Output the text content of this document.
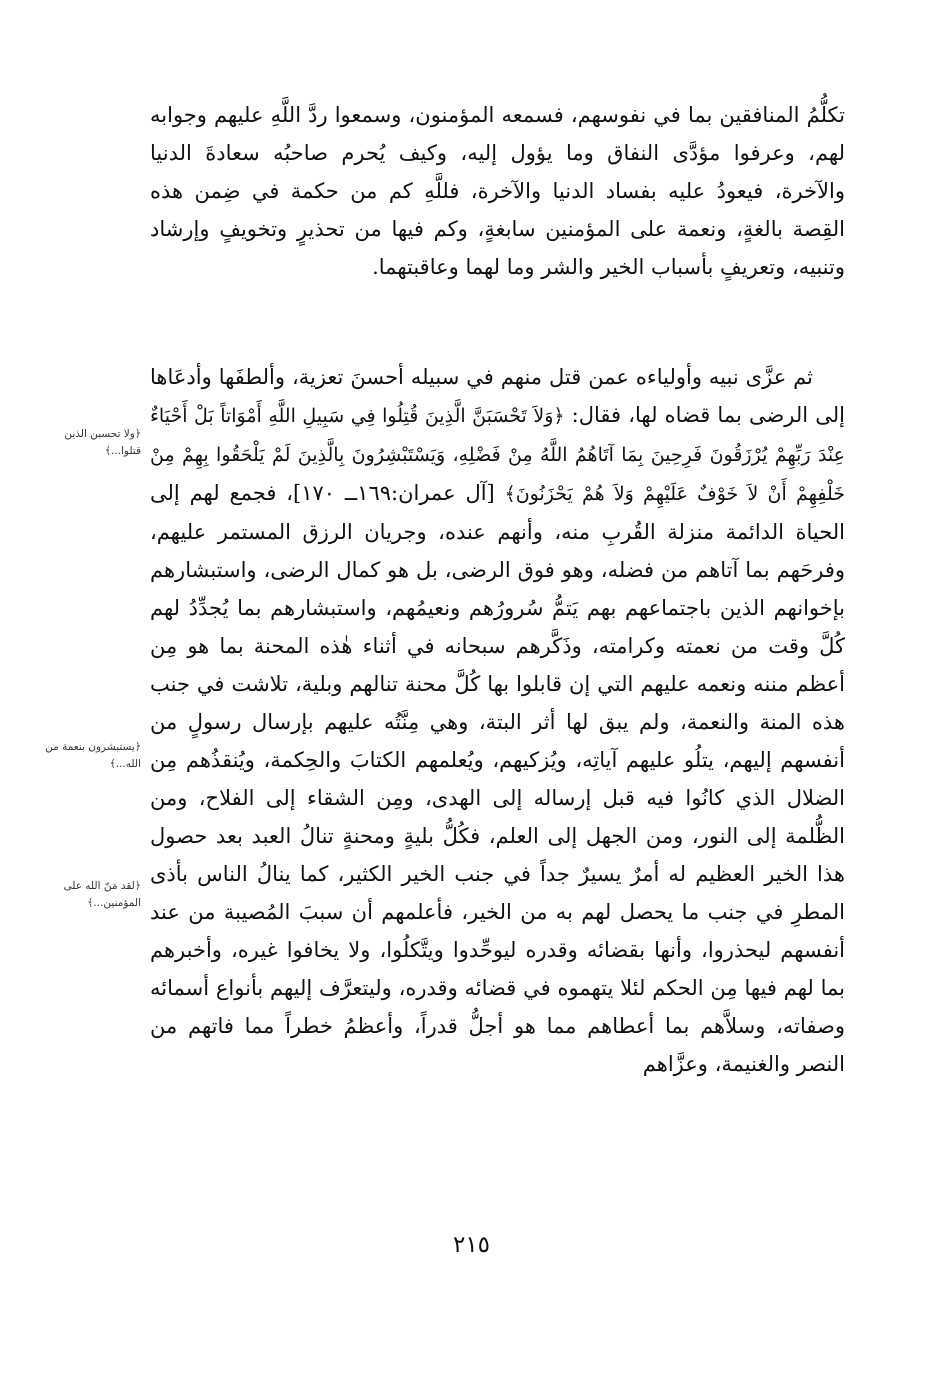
تكلُّمُ المنافقين بما في نفوسهم، فسمعه المؤمنون، وسمعوا ردَّ اللَّهِ عليهم وجوابه لهم، وعرفوا مؤدَّى النفاق وما يؤول إليه، وكيف يُحرم صاحبُه سعادةَ الدنيا والآخرة، فيعودُ عليه بفساد الدنيا والآخرة، فللَّهِ كم من حكمة في ضِمن هذه القِصة بالغةٍ، ونعمة على المؤمنين سابغةٍ، وكم فيها من تحذيرٍ وتخويفٍ وإرشاد وتنبيه، وتعريفٍ بأسباب الخير والشر وما لهما وعاقبتهما.

ثم عزَّى نبيه وأولياءه عمن قتل منهم في سبيله أحسنَ تعزية، وألطفَها وأدعَاها إلى الرضى بما قضاه لها، فقال: ﴿وَلاَ تَحْسَبَنَّ الَّذِينَ قُتِلُوا فِي سَبِيلِ اللَّهِ أَمْوَاتاً بَلْ أَحْيَاءٌ عِنْدَ رَبِّهِمْ يُرْزَقُونَ فَرِحِينَ بِمَا آتَاهُمُ اللَّهُ مِنْ فَضْلِهِ، وَيَسْتَبْشِرُونَ بِالَّذِينَ لَمْ يَلْحَقُوا بِهِمْ مِنْ خَلْفِهِمْ أَنْ لاَ خَوْفٌ عَلَيْهِمْ وَلاَ هُمْ يَحْزَنُونَ﴾ [آل عمران:١٦٩ــ ١٧٠]، فجمع لهم إلى الحياة الدائمة منزلة القُربِ منه، وأنهم عنده، وجريان الرزق المستمر عليهم، وفرحَهم بما آتاهم من فضله، وهو فوق الرضى، بل هو كمال الرضى، واستبشارهم بإخوانهم الذين باجتماعهم بهم يَتمُّ سُرورُهم ونعيمُهم، واستبشارهم بما يُجدِّدُ لهم كُلَّ وقت من نعمته وكرامته، وذَكَّرهم سبحانه في أثناء هٰذه المحنة بما هو مِن أعظم مننه ونعمه عليهم التي إن قابلوا بها كُلَّ محنة تنالهم وبلية، تلاشت في جنب هذه المنة والنعمة، ولم يبق لها أثر البتة، وهي مِنَّتُه عليهم بإرسال رسولٍ من أنفسهم إليهم، يتلُو عليهم آياتِه، ويُزكيهم، ويُعلمهم الكتابَ والحِكمة، ويُنقذُهم مِن الضلال الذي كانُوا فيه قبل إرساله إلى الهدى، ومِن الشقاء إلى الفلاح، ومن الظُّلمة إلى النور، ومن الجهل إلى العلم، فكُلُّ بليةٍ ومحنةٍ تنالُ العبد بعد حصول هذا الخير العظيم له أمرٌ يسيرٌ جداً في جنب الخير الكثير، كما ينالُ الناس بأذى المطرِ في جنب ما يحصل لهم به من الخير، فأعلمهم أن سببَ المُصيبة من عند أنفسهم ليحذروا، وأنها بقضائه وقدره ليوحِّدوا ويتَّكلُوا، ولا يخافوا غيره، وأخبرهم بما لهم فيها مِن الحكم لئلا يتهموه في قضائه وقدره، وليتعرَّف إليهم بأنواع أسمائه وصفاته، وسلاَّهم بما أعطاهم مما هو أجلُّ قدراً، وأعظمُ خطراً مما فاتهم من النصر والغنيمة، وعزَّاهم

﴿ولا تحسبن الذين قتلوا...﴾
﴿يستبشرون بنعمة من الله...﴾
﴿لقد مَنّ الله على المؤمنين...﴾
٢١٥
